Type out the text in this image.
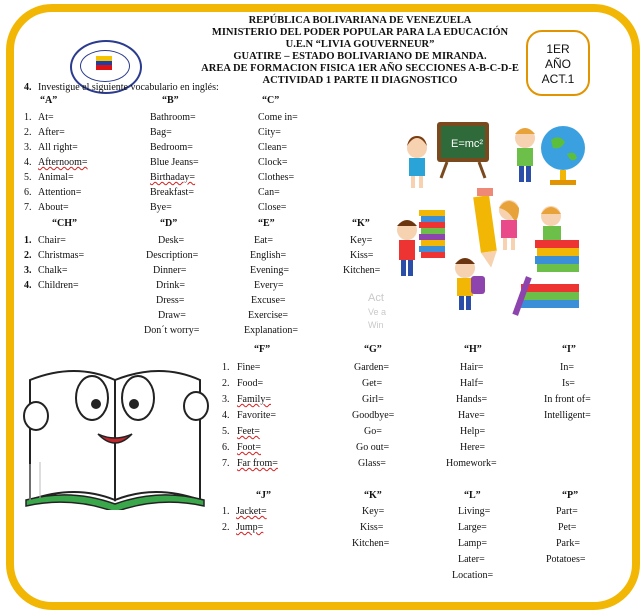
REPÚBLICA BOLIVARIANA DE VENEZUELA
MINISTERIO DEL PODER POPULAR PARA LA EDUCACIÓN
U.E.N “LIVIA GOUVERNEUR”
GUATIRE – ESTADO BOLIVARIANO DE MIRANDA.
AREA DE FORMACION FISICA 1ER AÑO SECCIONES A-B-C-D-E
ACTIVIDAD 1 PARTE II DIAGNOSTICO
1ER
AÑO
ACT.1
4. Investigue el siguiente vocabulario en inglés:
“A”
1.
2.
3.
4.
5.
6.
7.
At=
After=
All right=
Afternoom=
Animal=
Attention=
About=
“B”
Bathroom=
Bag=
Bedroom=
Blue Jeans=
Birthaday=
Breakfast=
Bye=
“C”
Come in=
City=
Clean=
Clock=
Clothes=
Can=
Close=
“CH”
1.
2.
3.
4.
Chair=
Christmas=
Chalk=
Children=
“D”
Desk=
Description=
Dinner=
Drink=
Dress=
Draw=
Don´t worry=
“E”
Eat=
English=
Evening=
Every=
Excuse=
Exercise=
Explanation=
“K”
Key=
Kiss=
Kitchen=
Act
Ve a
Win
E=mc²
“F”
1.
2.
3.
4.
5.
6.
7.
Fine=
Food=
Family=
Favorite=
Feet=
Foot=
Far from=
“G”
Garden=
Get=
Girl=
Goodbye=
Go=
Go out=
Glass=
“H”
Hair=
Half=
Hands=
Have=
Help=
Here=
Homework=
“I”
In=
Is=
In front of=
Intelligent=
“J”
1.
2.
Jacket=
Jump=
“K”
Key=
Kiss=
Kitchen=
“L”
Living=
Large=
Lamp=
Later=
Location=
“P”
Part=
Pet=
Park=
Potatoes=
